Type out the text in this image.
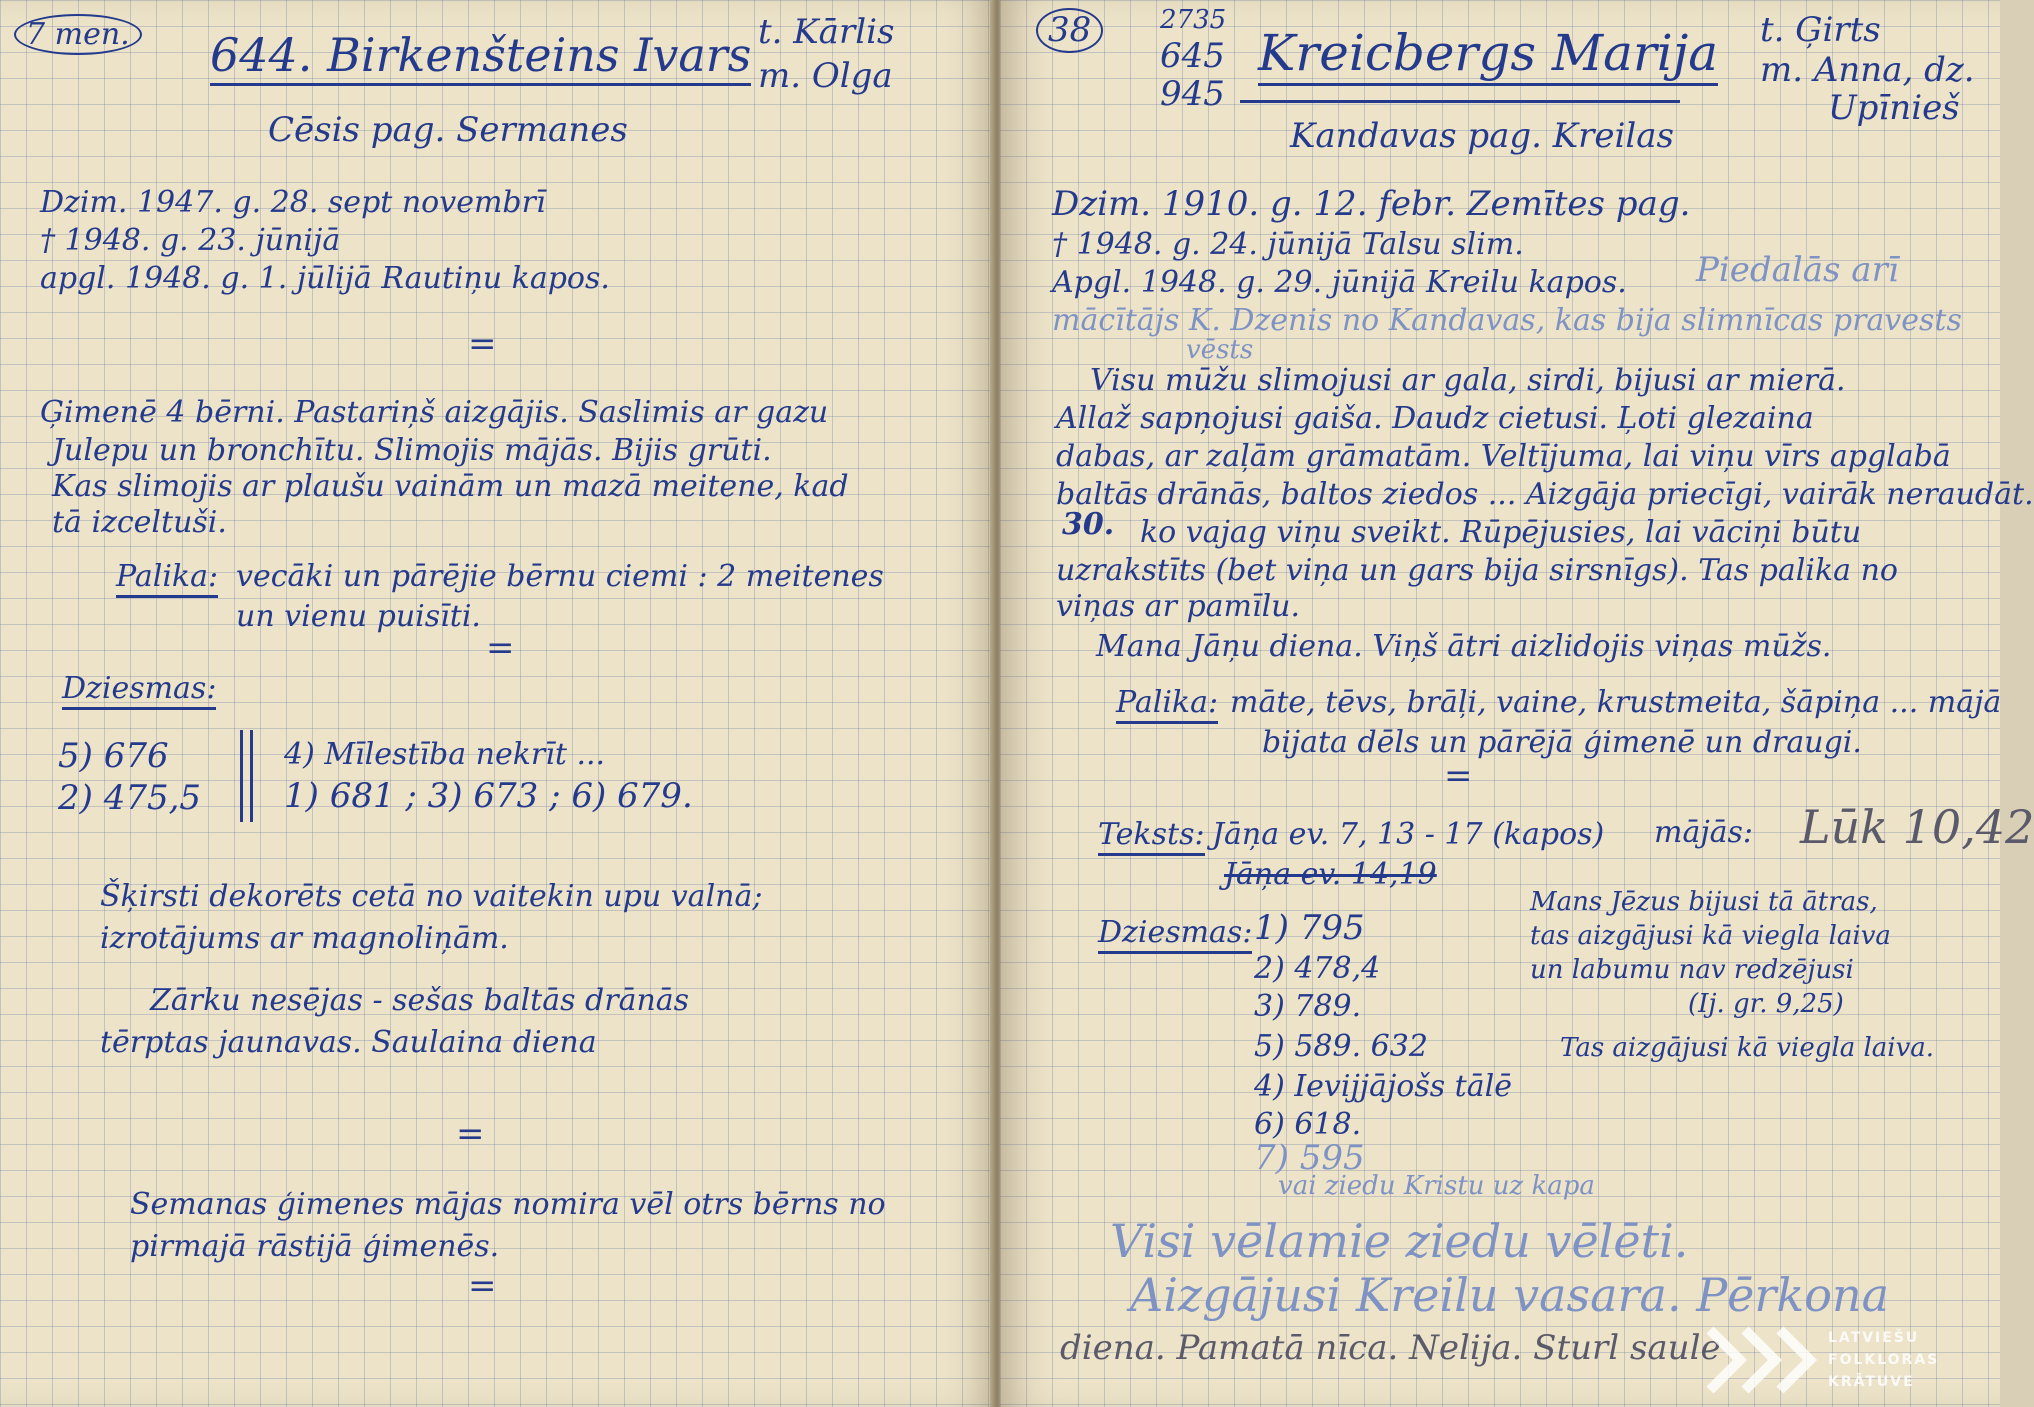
7 men. 644. Birkenšteins Ivars t. Kārlis
m. Olga
Cēsis pag. Sermanes
Dzim. 1947. g. 28. sept novembrī
† 1948. g. 23. jūnijā
apgl. 1948. g. 1. jūlijā Rautiņu kapos.
=
Ģimenē 4 bērni. Pastariņš aizgājis. Saslimis ar gazu
Julepu un bronchītu. Slimojis mājās. Bijis grūti.
Kas slimojis ar plaušu vainām un mazā meitene, kad
tā izceltuši.
Palika: vecāki un pārējie bērnu ciemi : 2 meitenes
un vienu puisīti.
=
Dziesmas:
5) 676
2) 475,5
4) Mīlestība nekrīt ...
1) 681 ; 3) 673 ; 6) 679.
Šķirsti dekorēts cetā no vaitekin upu valnā;
izrotājums ar magnoliņām.
Zārku nesējas - sešas baltās drānās
tērptas jaunavas. Saulaina diena
=
Semanas ģimenes mājas nomira vēl otrs bērns no
pirmajā rāstijā ģimenēs.
=
38	2735
645
945
Kreicbergs Marija t. Ģirts
m. Anna, dz.
Upīnieš
Kandavas pag. Kreilas
Dzim. 1910. g. 12. febr. Zemītes pag.
† 1948. g. 24. jūnijā Talsu slim.
Apgl. 1948. g. 29. jūnijā Kreilu kapos. Piedalās arī
mācītājs K. Dzenis no Kandavas, kas bija slimnīcas pravests
vēsts
Visu mūžu slimojusi ar gala, sirdi, bijusi ar mierā.
Allaž sapņojusi gaiša. Daudz cietusi. Ļoti glezaina
dabas, ar zaļām grāmatām. Veltījuma, lai viņu vīrs apglabā
baltās drānās, baltos ziedos ... Aizgāja priecīgi, vairāk neraudāt.
30. ko vajag viņu sveikt. Rūpējusies, lai vāciņi būtu
uzrakstīts (bet viņa un gars bija sirsnīgs). Tas palika no
viņas ar pamīlu.
Mana Jāņu diena. Viņš ātri aizlidojis viņas mūžs.
Palika: māte, tēvs, brāļi, vaine, krustmeita, šāpiņa ... mājā
bijata dēls un pārējā ģimenē un draugi.
=
Teksts: Jāņa ev. 7, 13 - 17 (kapos)
Jāņa ev. 14,19
mājās: Lūk 10,42
Dziesmas: 1) 795
2) 478,4
3) 789.
5) 589. 632
4) Ievijjājošs tālē
6) 618.
7) 595
Mans Jēzus bijusi tā ātras,
tas aizgājusi kā viegla laiva
un labumu nav redzējusi
(Ij. gr. 9,25)
Tas aizgājusi kā viegla laiva.
vai ziedu Kristu uz kapa
Visi vēlamie ziedu vēlēti.
Aizgājusi Kreilu vasara. Pērkona
diena. Pamatā nīca. Nelija. Sturl saule	LATVIEŠU
FOLKLORAS
KRĀTUVE
